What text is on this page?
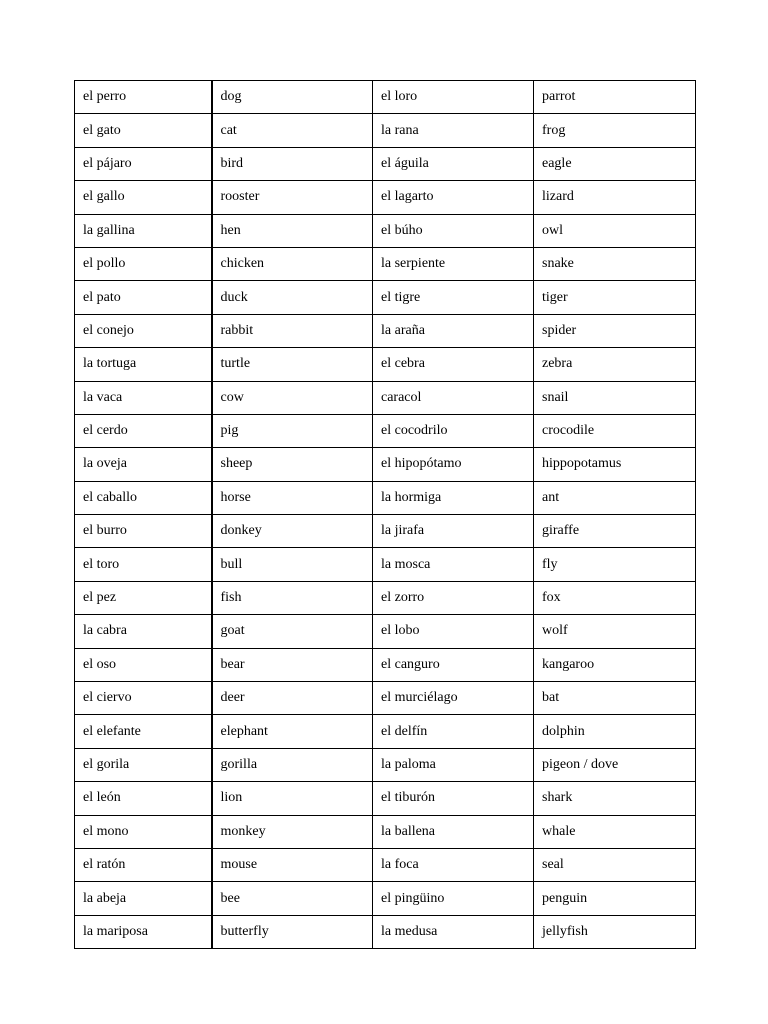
el perro	dog	el loro	parrot
el gato	cat	la rana	frog
el pájaro	bird	el águila	eagle
el gallo	rooster	el lagarto	lizard
la gallina	hen	el búho	owl
el pollo	chicken	la serpiente	snake
el pato	duck	el tigre	tiger
el conejo	rabbit	la araña	spider
la tortuga	turtle	el cebra	zebra
la vaca	cow	caracol	snail
el cerdo	pig	el cocodrilo	crocodile
la oveja	sheep	el hipopótamo	hippopotamus
el caballo	horse	la hormiga	ant
el burro	donkey	la jirafa	giraffe
el toro	bull	la mosca	fly
el pez	fish	el zorro	fox
la cabra	goat	el lobo	wolf
el oso	bear	el canguro	kangaroo
el ciervo	deer	el murciélago	bat
el elefante	elephant	el delfín	dolphin
el gorila	gorilla	la paloma	pigeon / dove
el león	lion	el tiburón	shark
el mono	monkey	la ballena	whale
el ratón	mouse	la foca	seal
la abeja	bee	el pingüino	penguin
la mariposa	butterfly	la medusa	jellyfish
